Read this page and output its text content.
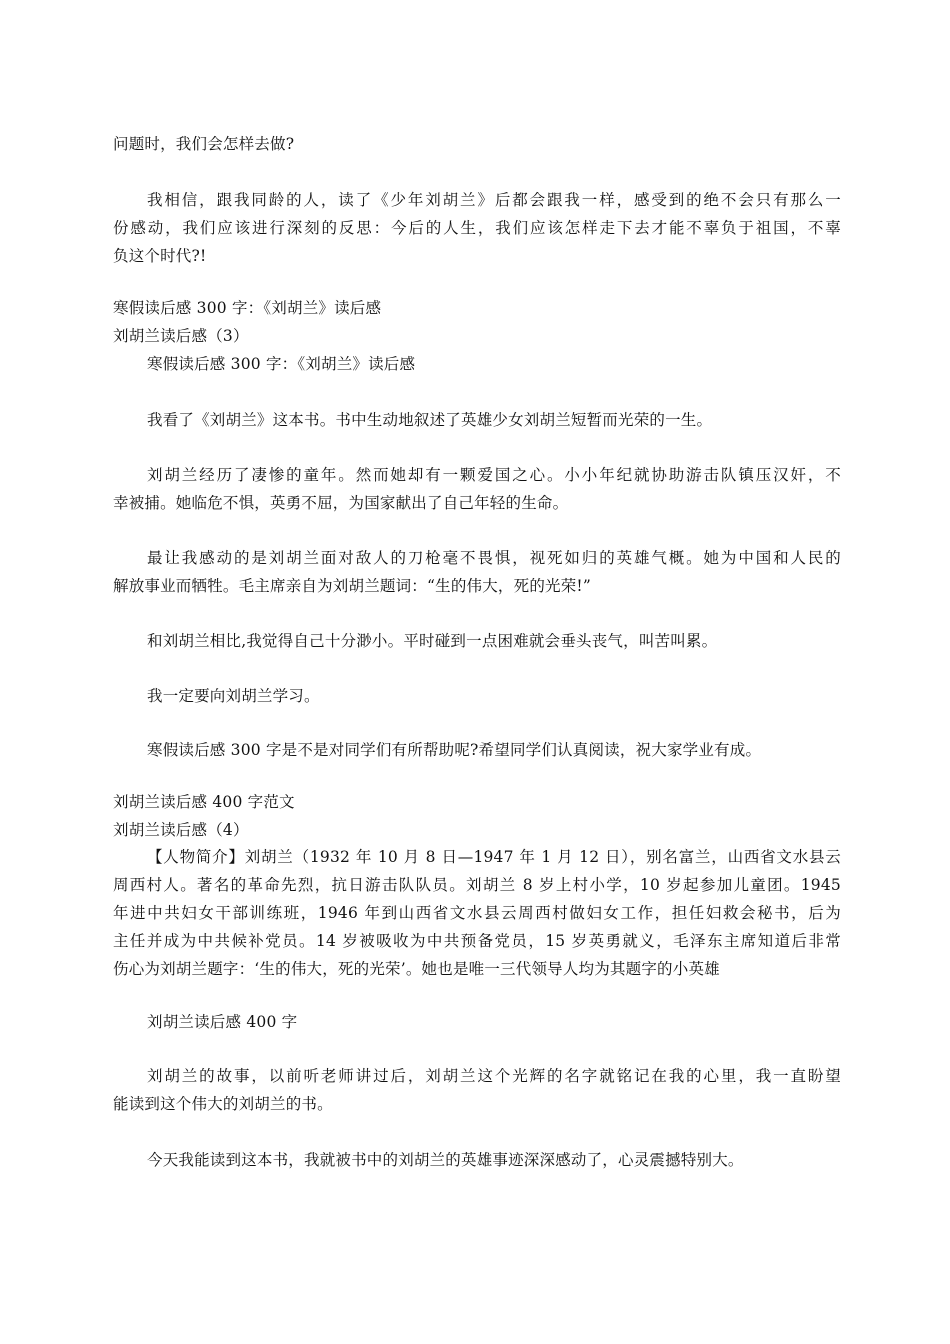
问题时，我们会怎样去做?
我相信，跟我同龄的人，读了《少年刘胡兰》后都会跟我一样，感受到的绝不会只有那么一
份感动，我们应该进行深刻的反思：今后的人生，我们应该怎样走下去才能不辜负于祖国，不辜
负这个时代?!
寒假读后感 300 字：《刘胡兰》读后感
刘胡兰读后感（3）
寒假读后感 300 字：《刘胡兰》读后感
我看了《刘胡兰》这本书。书中生动地叙述了英雄少女刘胡兰短暂而光荣的一生。
刘胡兰经历了凄惨的童年。然而她却有一颗爱国之心。小小年纪就协助游击队镇压汉奸，不
幸被捕。她临危不惧，英勇不屈，为国家献出了自己年轻的生命。
最让我感动的是刘胡兰面对敌人的刀枪毫不畏惧，视死如归的英雄气概。她为中国和人民的
解放事业而牺牲。毛主席亲自为刘胡兰题词：“生的伟大，死的光荣!”
和刘胡兰相比,我觉得自己十分渺小。平时碰到一点困难就会垂头丧气，叫苦叫累。
我一定要向刘胡兰学习。
寒假读后感 300 字是不是对同学们有所帮助呢?希望同学们认真阅读，祝大家学业有成。
刘胡兰读后感 400 字范文
刘胡兰读后感（4）
【人物简介】刘胡兰（1932 年 10 月 8 日—1947 年 1 月 12 日），别名富兰，山西省文水县云
周西村人。著名的革命先烈，抗日游击队队员。刘胡兰 8 岁上村小学，10 岁起参加儿童团。1945
年进中共妇女干部训练班，1946 年到山西省文水县云周西村做妇女工作，担任妇救会秘书，后为
主任并成为中共候补党员。14 岁被吸收为中共预备党员，15 岁英勇就义，毛泽东主席知道后非常
伤心为刘胡兰题字：‘生的伟大，死的光荣’。她也是唯一三代领导人均为其题字的小英雄
刘胡兰读后感 400 字
刘胡兰的故事，以前听老师讲过后，刘胡兰这个光辉的名字就铭记在我的心里，我一直盼望
能读到这个伟大的刘胡兰的书。
今天我能读到这本书，我就被书中的刘胡兰的英雄事迹深深感动了，心灵震撼特别大。
